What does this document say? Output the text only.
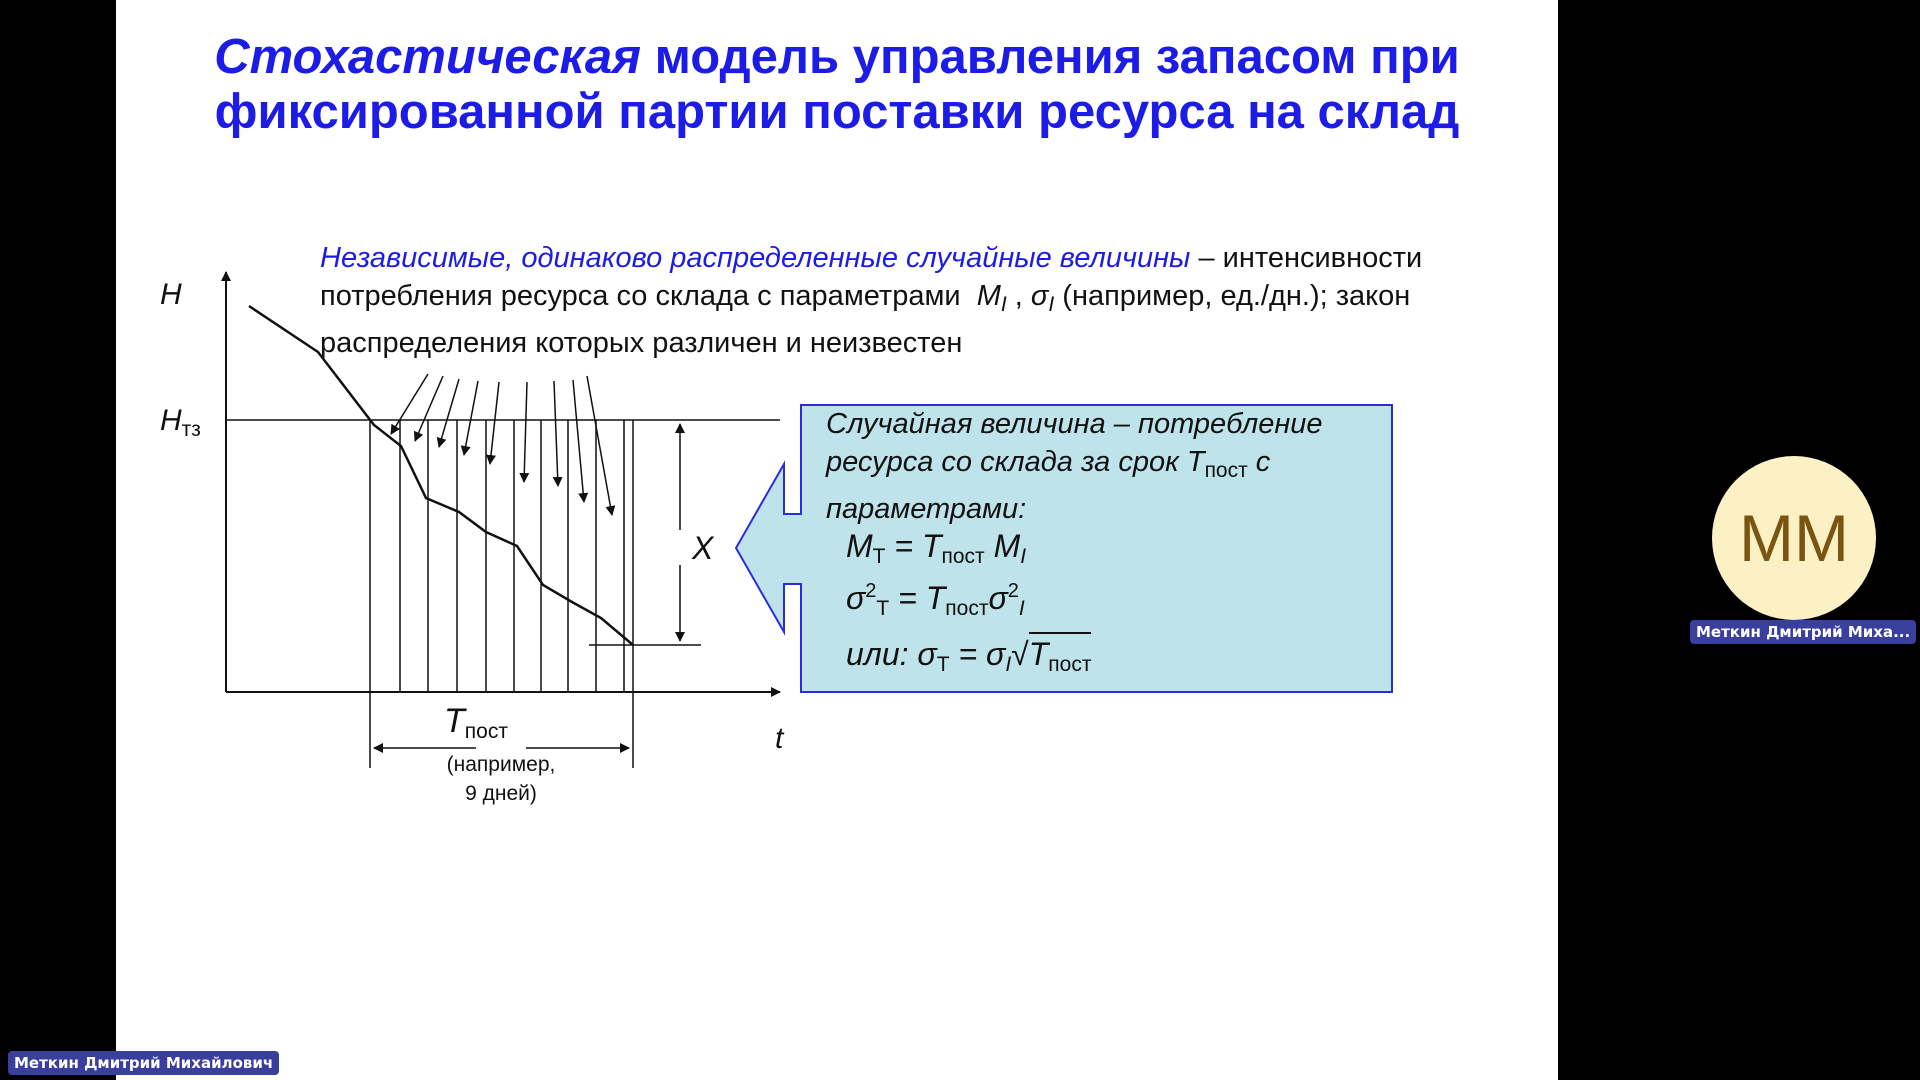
Стохастическая модель управления запасом при фиксированной партии поставки ресурса на склад
H
$H_{тз}$
t
X
$T_{пост}$
(например,
9 дней)
Независимые, одинаково распределенные случайные величины – интенсивности потребления ресурса со склада с параметрами $M_I$ , $\sigma_I$ (например, ед./дн.); закон распределения которых различен и неизвестен
Случайная величина – потребление ресурса со склада за срок $T_{пост}$ с параметрами:
$M_T = T_{пост}$ $M_I$
$\sigma^2_T = T_{пост}\sigma^2_I$
или: $\sigma_T = \sigma_I√T_{пост}$
MM
Меткин Дмитрий Миха...
Меткин Дмитрий Михайлович
